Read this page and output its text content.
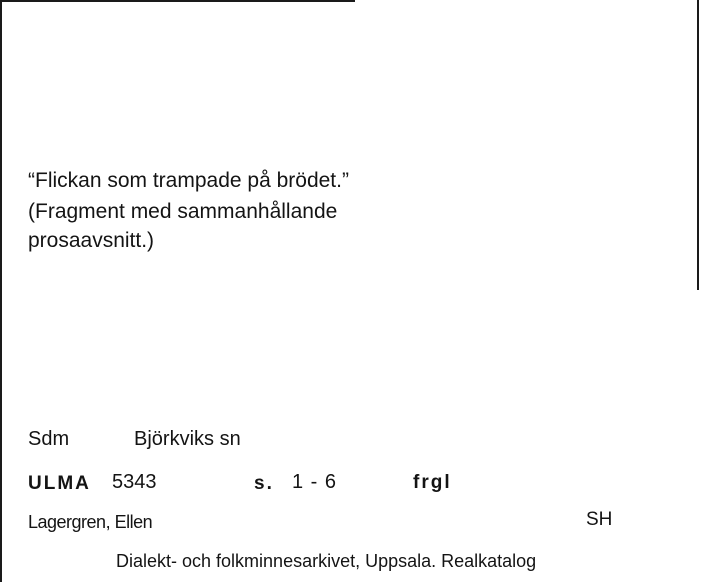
“Flickan som trampade på brödet.”
(Fragment med sammanhållande
prosaavsnitt.)
Sdm	Björkviks sn
ULMA 5343	s. 1 - 6	frgl
Lagergren, Ellen	SH
Dialekt- och folkminnesarkivet, Uppsala. Realkatalog
